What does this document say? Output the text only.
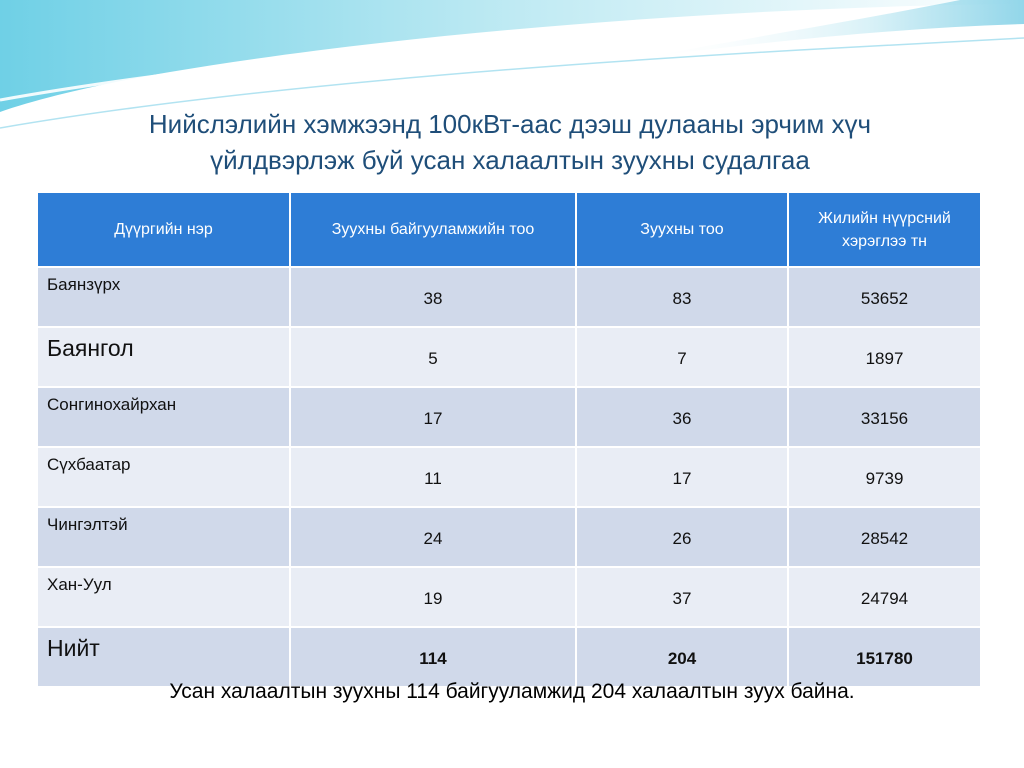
Нийслэлийн хэмжээнд 100кВт-аас дээш дулааны эрчим хүч
үйлдвэрлэж буй усан халаалтын зуухны судалгаа
Дүүргийн нэр	Зуухны байгууламжийн тоо	Зуухны тоо	Жилийн нүүрсний хэрэглээ тн
Баянзүрх	38	83	53652
Баянгол	5	7	1897
Сонгинохайрхан	17	36	33156
Сүхбаатар	11	17	9739
Чингэлтэй	24	26	28542
Хан-Уул	19	37	24794
Нийт	114	204	151780
Усан халаалтын зуухны 114 байгууламжид 204 халаалтын зуух байна.
